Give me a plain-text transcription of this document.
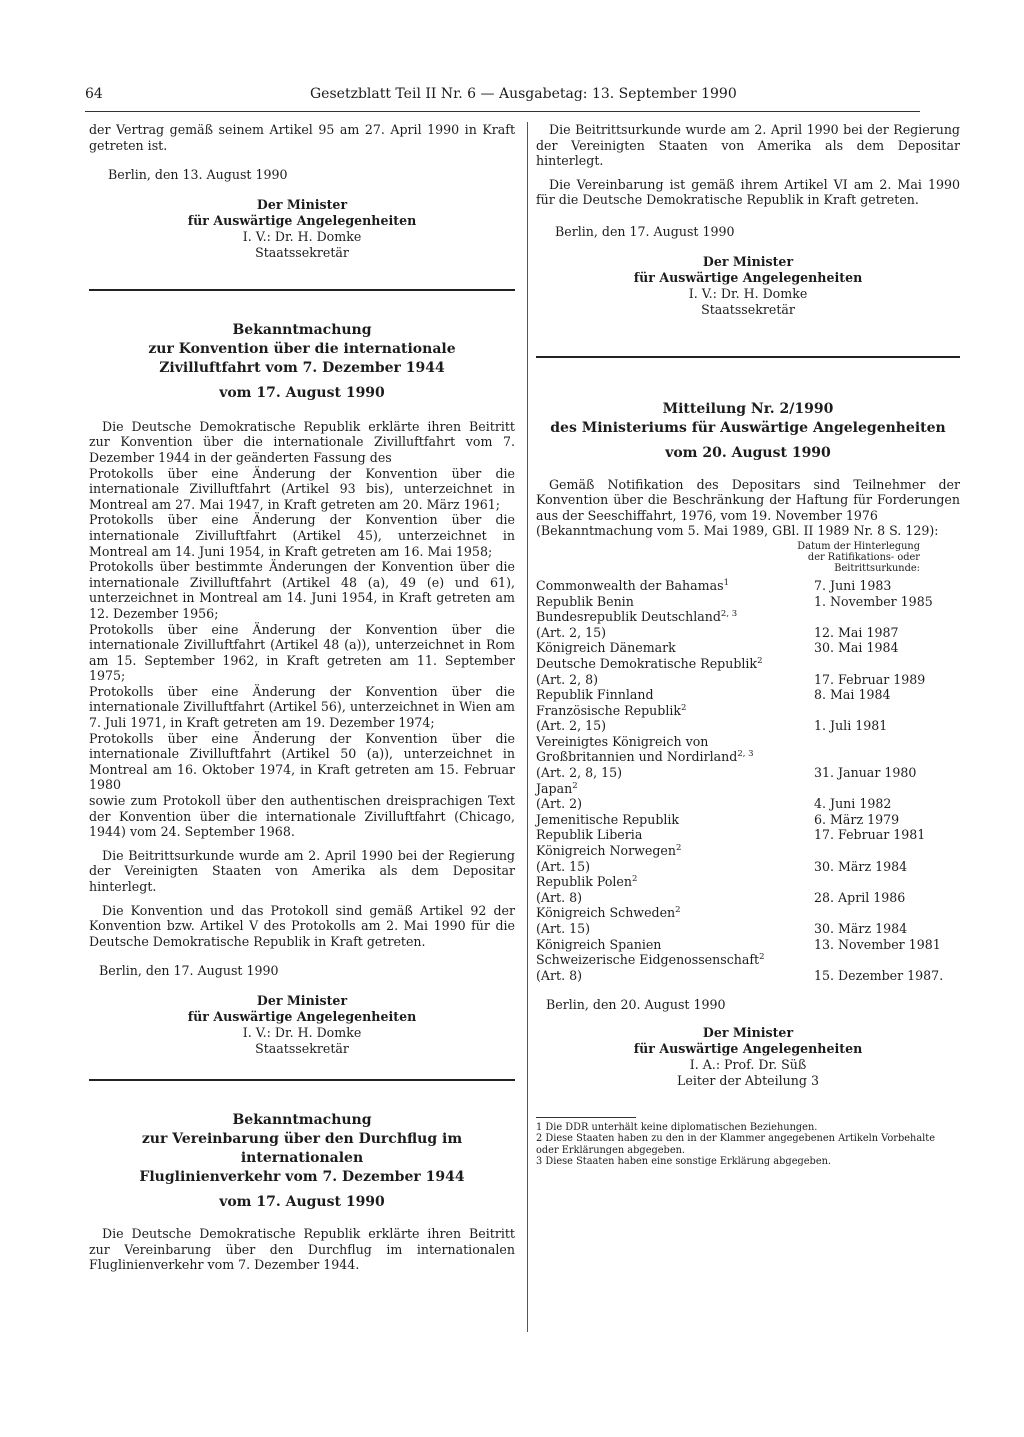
64	Gesetzblatt Teil II Nr. 6 — Ausgabetag: 13. September 1990

der Vertrag gemäß seinem Artikel 95 am 27. April 1990 in Kraft getreten ist.

Berlin, den 13. August 1990

Der Minister
für Auswärtige Angelegenheiten
I. V.: Dr. H. Domke
Staatssekretär
Bekanntmachung
zur Konvention über die internationale
Zivilluftfahrt vom 7. Dezember 1944
vom 17. August 1990

Die Deutsche Demokratische Republik erklärte ihren Beitritt zur Konvention über die internationale Zivilluftfahrt vom 7. Dezember 1944 in der geänderten Fassung des

Protokolls über eine Änderung der Konvention über die internationale Zivilluftfahrt (Artikel 93 bis), unterzeichnet in Montreal am 27. Mai 1947, in Kraft getreten am 20. März 1961;

Protokolls über eine Änderung der Konvention über die internationale Zivilluftfahrt (Artikel 45), unterzeichnet in Montreal am 14. Juni 1954, in Kraft getreten am 16. Mai 1958;

Protokolls über bestimmte Änderungen der Konvention über die internationale Zivilluftfahrt (Artikel 48 (a), 49 (e) und 61), unterzeichnet in Montreal am 14. Juni 1954, in Kraft getreten am 12. Dezember 1956;

Protokolls über eine Änderung der Konvention über die internationale Zivilluftfahrt (Artikel 48 (a)), unterzeichnet in Rom am 15. September 1962, in Kraft getreten am 11. September 1975;

Protokolls über eine Änderung der Konvention über die internationale Zivilluftfahrt (Artikel 56), unterzeichnet in Wien am 7. Juli 1971, in Kraft getreten am 19. Dezember 1974;

Protokolls über eine Änderung der Konvention über die internationale Zivilluftfahrt (Artikel 50 (a)), unterzeichnet in Montreal am 16. Oktober 1974, in Kraft getreten am 15. Februar 1980

sowie zum Protokoll über den authentischen dreisprachigen Text der Konvention über die internationale Zivilluftfahrt (Chicago, 1944) vom 24. September 1968.

Die Beitrittsurkunde wurde am 2. April 1990 bei der Regierung der Vereinigten Staaten von Amerika als dem Depositar hinterlegt.

Die Konvention und das Protokoll sind gemäß Artikel 92 der Konvention bzw. Artikel V des Protokolls am 2. Mai 1990 für die Deutsche Demokratische Republik in Kraft getreten.

Berlin, den 17. August 1990

Der Minister
für Auswärtige Angelegenheiten
I. V.: Dr. H. Domke
Staatssekretär
Bekanntmachung
zur Vereinbarung über den Durchflug im internationalen
Fluglinienverkehr vom 7. Dezember 1944
vom 17. August 1990

Die Deutsche Demokratische Republik erklärte ihren Beitritt zur Vereinbarung über den Durchflug im internationalen Fluglinienverkehr vom 7. Dezember 1944.

Die Beitrittsurkunde wurde am 2. April 1990 bei der Regierung der Vereinigten Staaten von Amerika als dem Depositar hinterlegt.

Die Vereinbarung ist gemäß ihrem Artikel VI am 2. Mai 1990 für die Deutsche Demokratische Republik in Kraft getreten.

Berlin, den 17. August 1990

Der Minister
für Auswärtige Angelegenheiten
I. V.: Dr. H. Domke
Staatssekretär
Mitteilung Nr. 2/1990
des Ministeriums für Auswärtige Angelegenheiten
vom 20. August 1990

Gemäß Notifikation des Depositars sind Teilnehmer der Konvention über die Beschränkung der Haftung für Forderungen aus der Seeschiffahrt, 1976, vom 19. November 1976

(Bekanntmachung vom 5. Mai 1989, GBl. II 1989 Nr. 8 S. 129):

Datum der Hinterlegung
der Ratifikations- oder
Beitrittsurkunde:
Commonwealth der Bahamas$^1$	7. Juni 1983
Republik Benin	1. November 1985
Bundesrepublik Deutschland$^{2, 3}$
(Art. 2, 15)	12. Mai 1987
Königreich Dänemark	30. Mai 1984
Deutsche Demokratische Republik$^2$
(Art. 2, 8)	17. Februar 1989
Republik Finnland	8. Mai 1984
Französische Republik$^2$
(Art. 2, 15)	1. Juli 1981
Vereinigtes Königreich von Großbritannien und Nordirland$^{2, 3}$
(Art. 2, 8, 15)	31. Januar 1980
Japan$^2$
(Art. 2)	4. Juni 1982
Jemenitische Republik	6. März 1979
Republik Liberia	17. Februar 1981
Königreich Norwegen$^2$
(Art. 15)	30. März 1984
Republik Polen$^2$
(Art. 8)	28. April 1986
Königreich Schweden$^2$
(Art. 15)	30. März 1984
Königreich Spanien	13. November 1981
Schweizerische Eidgenossenschaft$^2$
(Art. 8)	15. Dezember 1987.

Berlin, den 20. August 1990

Der Minister
für Auswärtige Angelegenheiten
I. A.: Prof. Dr. Süß
Leiter der Abteilung 3

1 Die DDR unterhält keine diplomatischen Beziehungen.

2 Diese Staaten haben zu den in der Klammer angegebenen Artikeln Vorbehalte oder Erklärungen abgegeben.

3 Diese Staaten haben eine sonstige Erklärung abgegeben.
